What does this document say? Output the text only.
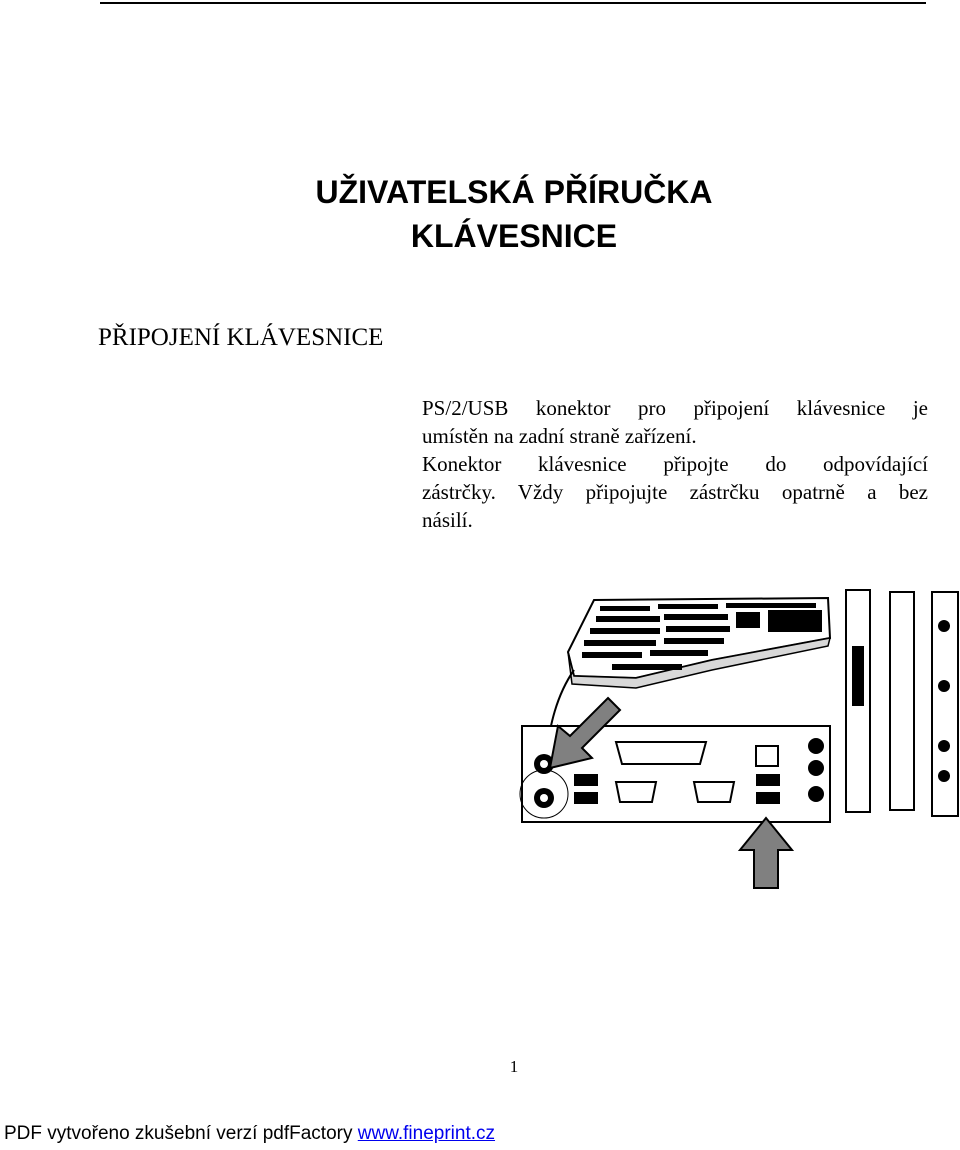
UŽIVATELSKÁ PŘÍRUČKA
KLÁVESNICE
PŘIPOJENÍ KLÁVESNICE
PS/2/USB konektor pro připojení klávesnice je
umístěn na zadní straně zařízení.
Konektor klávesnice připojte do odpovídající
zástrčky. Vždy připojujte zástrčku opatrně a bez
násilí.
1
PDF vytvořeno zkušební verzí pdfFactory www.fineprint.cz
